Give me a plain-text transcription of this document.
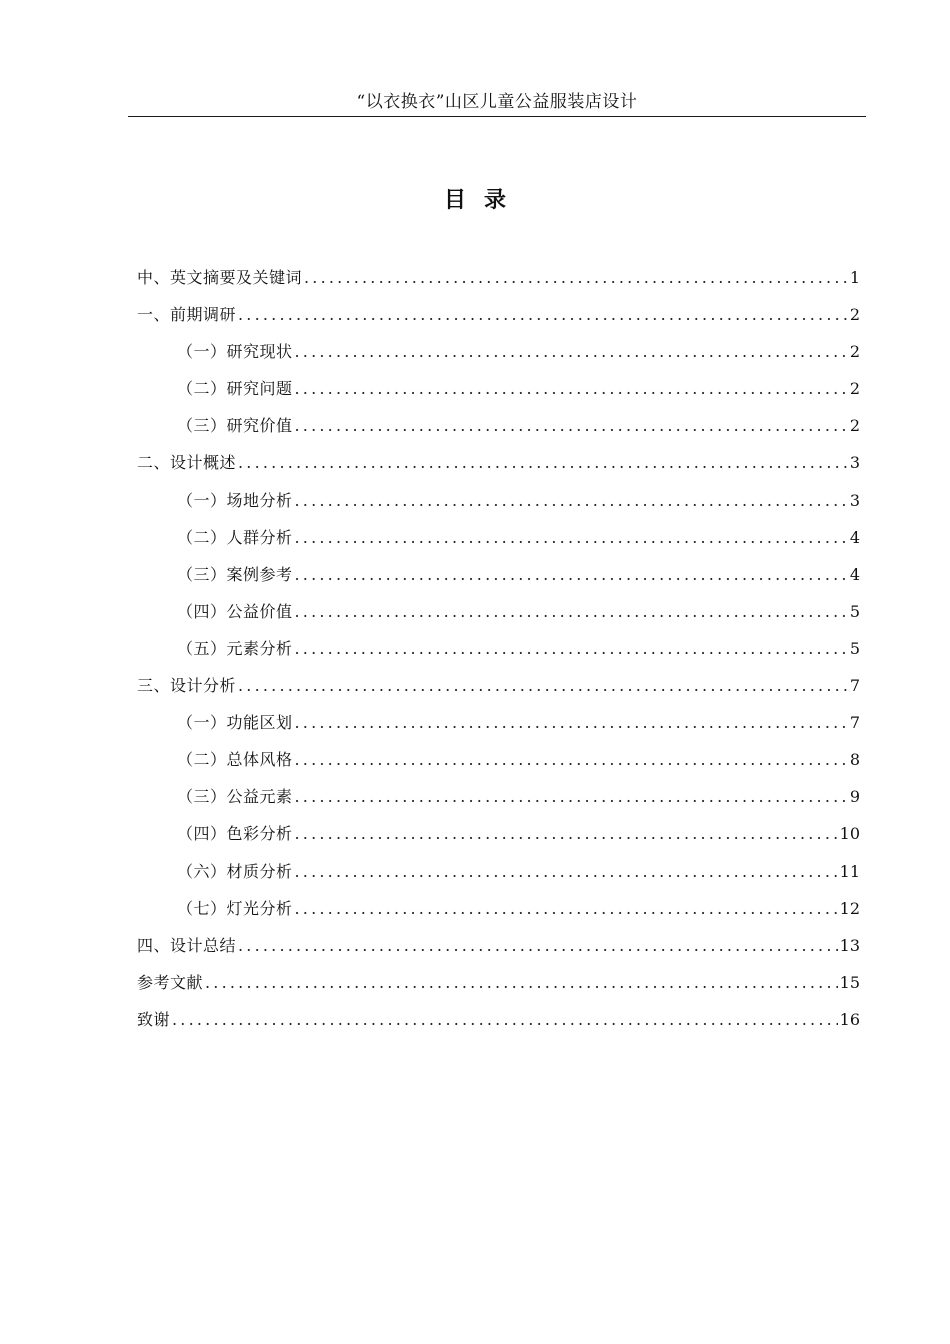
“以衣换衣”山区儿童公益服装店设计
目录
中、英文摘要及关键词 .....	1
一、前期调研 .....	2
（一）研究现状 .....	2
（二）研究问题 .....	2
（三）研究价值 .....	2
二、设计概述 .....	3
（一）场地分析 .....	3
（二）人群分析 .....	4
（三）案例参考 .....	4
（四）公益价值 .....	5
（五）元素分析 .....	5
三、设计分析 .....	7
（一）功能区划 .....	7
（二）总体风格 .....	8
（三）公益元素 .....	9
（四）色彩分析 .....	10
（六）材质分析 .....	11
（七）灯光分析 .....	12
四、设计总结 .....	13
参考文献 .....	15
致谢 .....	16
